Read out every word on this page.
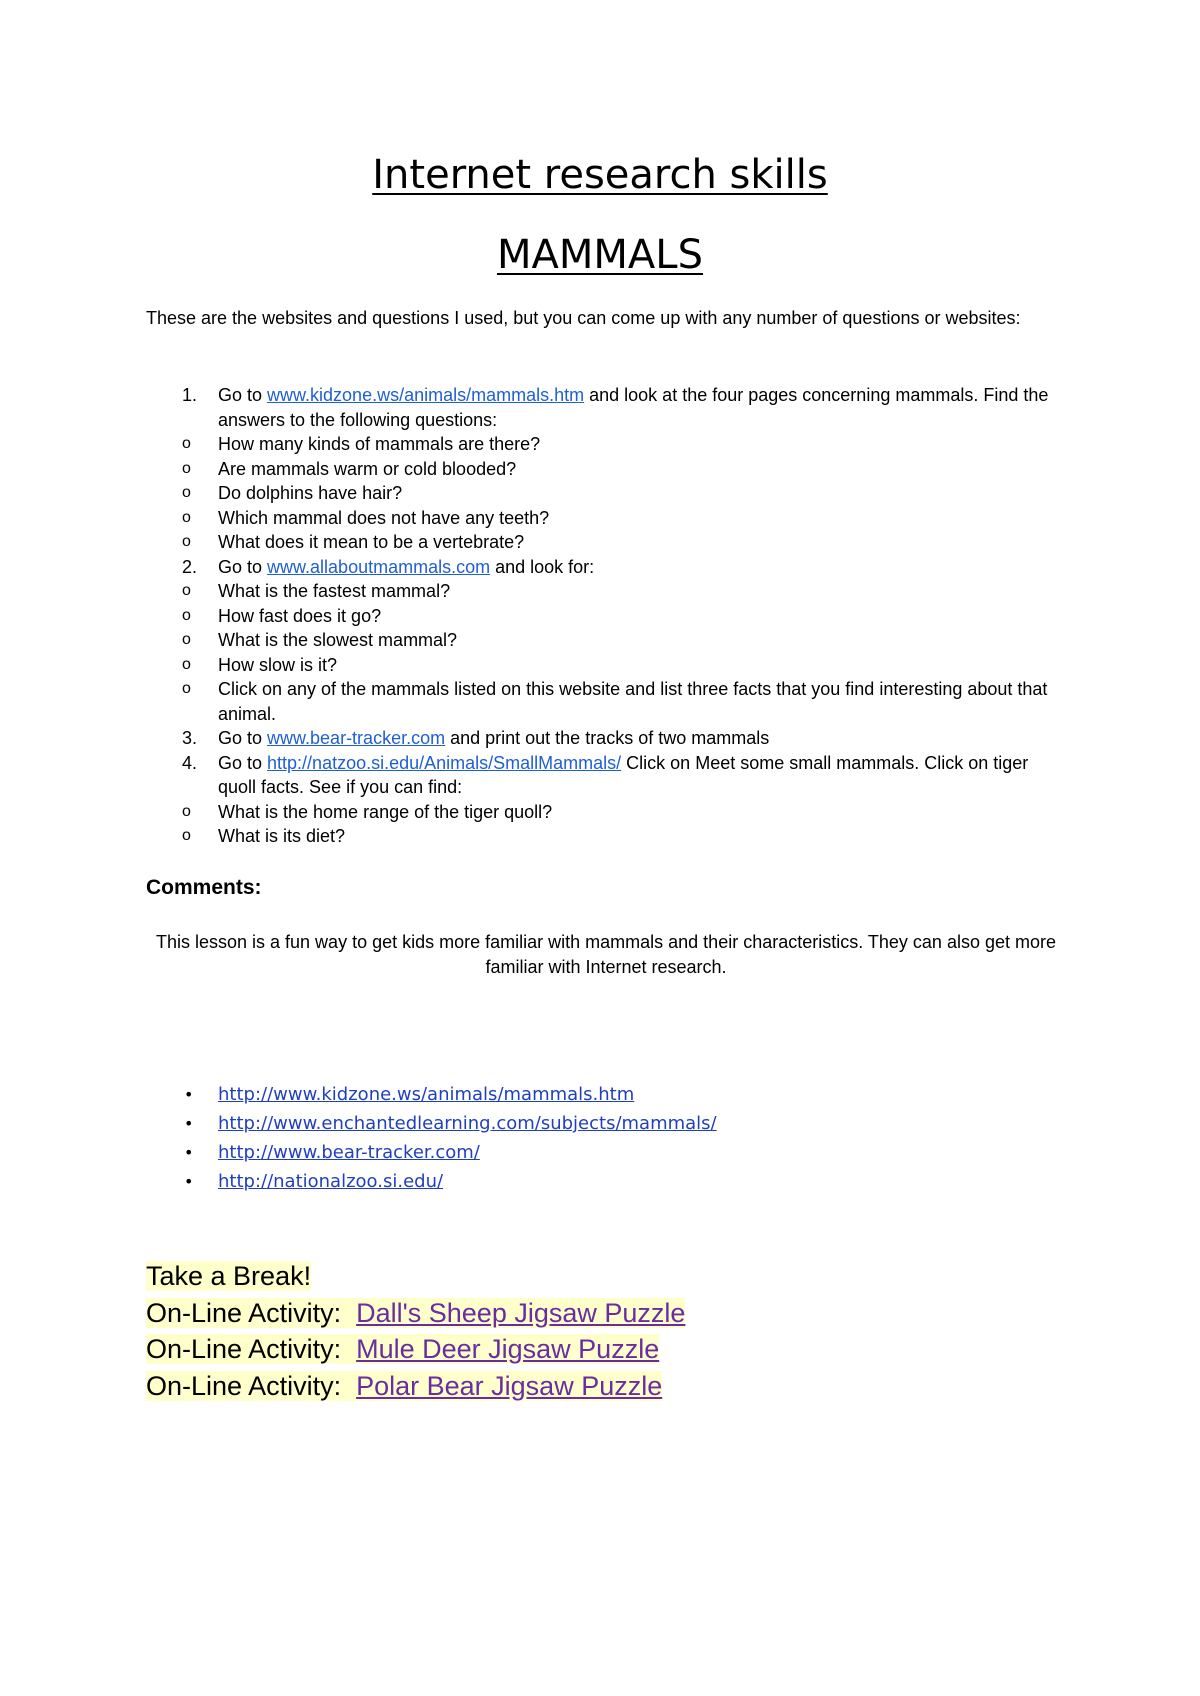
Internet research skills
MAMMALS

These are the websites and questions I used, but you can come up with any number of questions or websites:

1. Go to www.kidzone.ws/animals/mammals.htm and look at the four pages concerning mammals. Find the answers to the following questions:
o How many kinds of mammals are there?
o Are mammals warm or cold blooded?
o Do dolphins have hair?
o Which mammal does not have any teeth?
o What does it mean to be a vertebrate?
2. Go to www.allaboutmammals.com and look for:
o What is the fastest mammal?
o How fast does it go?
o What is the slowest mammal?
o How slow is it?
o Click on any of the mammals listed on this website and list three facts that you find interesting about that animal.
3. Go to www.bear-tracker.com and print out the tracks of two mammals
4. Go to http://natzoo.si.edu/Animals/SmallMammals/ Click on Meet some small mammals. Click on tiger quoll facts. See if you can find:
o What is the home range of the tiger quoll?
o What is its diet?

Comments:

This lesson is a fun way to get kids more familiar with mammals and their characteristics. They can also get more familiar with Internet research.

• http://www.kidzone.ws/animals/mammals.htm
• http://www.enchantedlearning.com/subjects/mammals/
• http://www.bear-tracker.com/
• http://nationalzoo.si.edu/
Take a Break!
On-Line Activity: Dall's Sheep Jigsaw Puzzle
On-Line Activity: Mule Deer Jigsaw Puzzle
On-Line Activity: Polar Bear Jigsaw Puzzle
